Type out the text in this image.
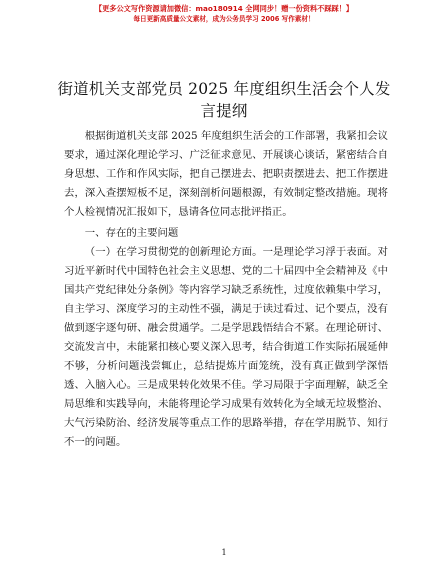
【更多公文写作资源请加微信：mao180914 全网同步！赠一份资料不踩踩！】
每日更新高质量公文素材，成为公务员学习 2006 写作素材！
街道机关支部党员 2025 年度组织生活会个人发言提纲

根据街道机关支部 2025 年度组织生活会的工作部署，我紧扣会议要求，通过深化理论学习、广泛征求意见、开展谈心谈话，紧密结合自身思想、工作和作风实际，把自己摆进去、把职责摆进去、把工作摆进去，深入查摆短板不足，深刻剖析问题根源，有效制定整改措施。现将个人检视情况汇报如下，恳请各位同志批评指正。

一、存在的主要问题

（一）在学习贯彻党的创新理论方面。一是理论学习浮于表面。对习近平新时代中国特色社会主义思想、党的二十届四中全会精神及《中国共产党纪律处分条例》等内容学习缺乏系统性，过度依赖集中学习，自主学习、深度学习的主动性不强，满足于读过看过、记个要点，没有做到逐字逐句研、融会贯通学。二是学思践悟结合不紧。在理论研讨、交流发言中，未能紧扣核心要义深入思考，结合街道工作实际拓展延伸不够，分析问题浅尝辄止，总结提炼片面笼统，没有真正做到学深悟透、入脑入心。三是成果转化效果不佳。学习局限于字面理解，缺乏全局思维和实践导向，未能将理论学习成果有效转化为全域无垃圾整治、大气污染防治、经济发展等重点工作的思路举措，存在学用脱节、知行不一的问题。

1
